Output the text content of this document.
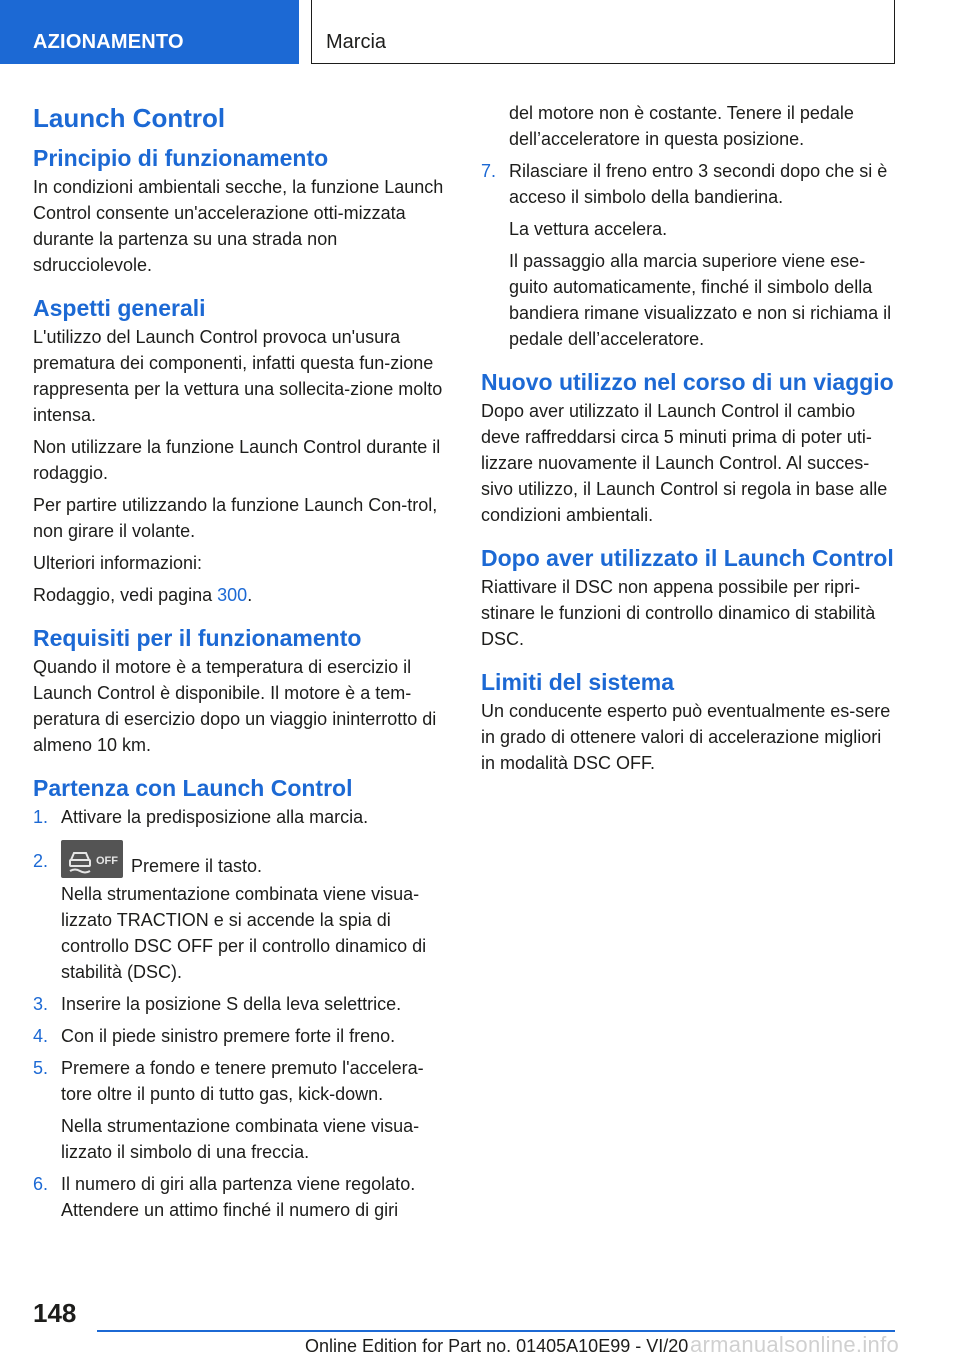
AZIONAMENTO	Marcia
Launch Control
Principio di funzionamento

In condizioni ambientali secche, la funzione Launch Control consente un'accelerazione otti-mizzata durante la partenza su una strada non sdrucciolevole.

Aspetti generali

L'utilizzo del Launch Control provoca un'usura prematura dei componenti, infatti questa fun-zione rappresenta per la vettura una sollecita-zione molto intensa.

Non utilizzare la funzione Launch Control durante il rodaggio.

Per partire utilizzando la funzione Launch Con-trol, non girare il volante.

Ulteriori informazioni:

Rodaggio, vedi pagina 300.

Requisiti per il funzionamento

Quando il motore è a temperatura di esercizio il Launch Control è disponibile. Il motore è a tem-peratura di esercizio dopo un viaggio ininterrotto di almeno 10 km.

Partenza con Launch Control
1. Attivare la predisposizione alla marcia.

2.	OFF Premere il tasto.

Nella strumentazione combinata viene visua-lizzato TRACTION e si accende la spia di controllo DSC OFF per il controllo dinamico di stabilità (DSC).

3. Inserire la posizione S della leva selettrice.

4. Con il piede sinistro premere forte il freno.

5. Premere a fondo e tenere premuto l'accelera-tore oltre il punto di tutto gas, kick-down.

Nella strumentazione combinata viene visua-lizzato il simbolo di una freccia.

6. Il numero di giri alla partenza viene regolato. Attendere un attimo finché il numero di giri

del motore non è costante. Tenere il pedale dell’acceleratore in questa posizione.

7. Rilasciare il freno entro 3 secondi dopo che si è acceso il simbolo della bandierina.

La vettura accelera.

Il passaggio alla marcia superiore viene ese-guito automaticamente, finché il simbolo della bandiera rimane visualizzato e non si richiama il pedale dell’acceleratore.

Nuovo utilizzo nel corso di un viaggio

Dopo aver utilizzato il Launch Control il cambio deve raffreddarsi circa 5 minuti prima di poter uti-lizzare nuovamente il Launch Control. Al succes-sivo utilizzo, il Launch Control si regola in base alle condizioni ambientali.

Dopo aver utilizzato il Launch Control

Riattivare il DSC non appena possibile per ripri-stinare le funzioni di controllo dinamico di stabilità DSC.

Limiti del sistema

Un conducente esperto può eventualmente es-sere in grado di ottenere valori di accelerazione migliori in modalità DSC OFF.

148
Online Edition for Part no. 01405A10E99 - VI/20 armanualsonline.info
